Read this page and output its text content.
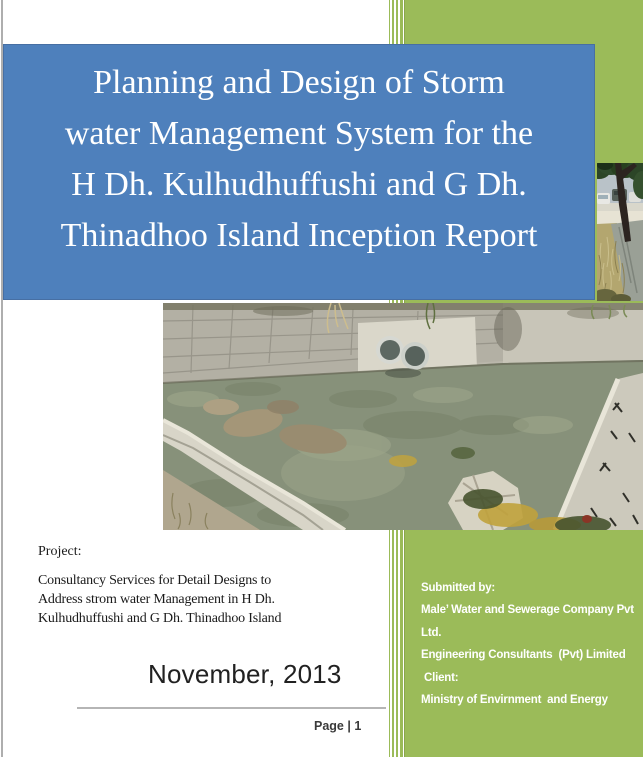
Planning and Design of Storm
water Management System for the
H Dh. Kulhudhuffushi and G Dh.
Thinadhoo Island Inception Report
Project:
Consultancy Services for Detail Designs to
Address strom water Management in H Dh.
Kulhudhuffushi and G Dh. Thinadhoo Island
November, 2013
Submitted by:
Male’ Water and Sewerage Company Pvt
Ltd.
Engineering Consultants  (Pvt) Limited
Client:
Ministry of Envirnment  and Energy
Page | 1
